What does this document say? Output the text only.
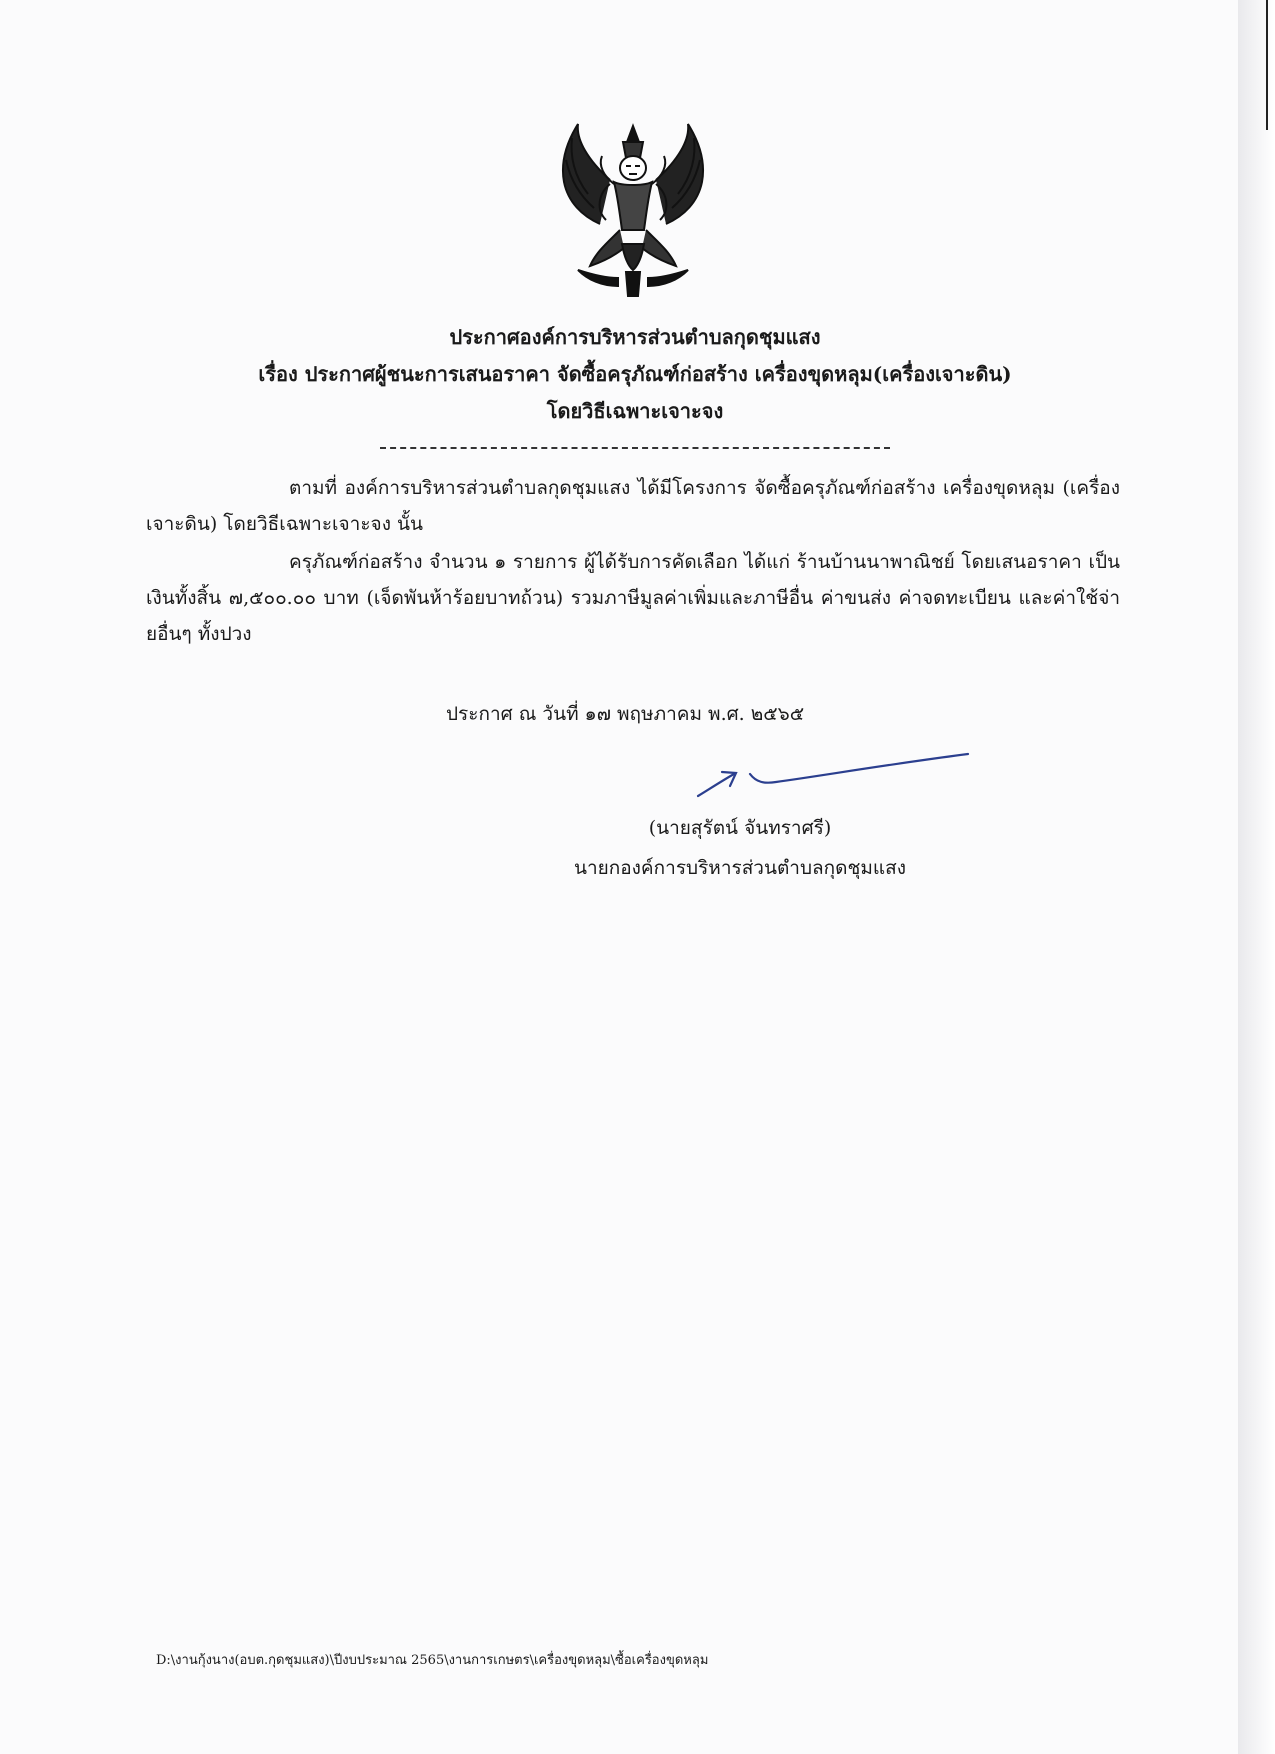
ประกาศองค์การบริหารส่วนตำบลกุดชุมแสง

เรื่อง ประกาศผู้ชนะการเสนอราคา จัดซื้อครุภัณฑ์ก่อสร้าง เครื่องขุดหลุม(เครื่องเจาะดิน)

โดยวิธีเฉพาะเจาะจง

ตามที่ องค์การบริหารส่วนตำบลกุดชุมแสง ได้มีโครงการ จัดซื้อครุภัณฑ์ก่อสร้าง เครื่องขุดหลุม (เครื่องเจาะดิน) โดยวิธีเฉพาะเจาะจง นั้น

ครุภัณฑ์ก่อสร้าง จำนวน ๑ รายการ ผู้ได้รับการคัดเลือก ได้แก่ ร้านบ้านนาพาณิชย์ โดยเสนอราคา เป็นเงินทั้งสิ้น ๗,๕๐๐.๐๐ บาท (เจ็ดพันห้าร้อยบาทถ้วน) รวมภาษีมูลค่าเพิ่มและภาษีอื่น ค่าขนส่ง ค่าจดทะเบียน และค่าใช้จ่ายอื่นๆ ทั้งปวง

ประกาศ ณ วันที่ ๑๗ พฤษภาคม พ.ศ. ๒๕๖๕

(นายสุรัตน์ จันทราศรี)

นายกองค์การบริหารส่วนตำบลกุดชุมแสง

D:\งานกุ้งนาง(อบต.กุดชุมแสง)\ปีงบประมาณ 2565\งานการเกษตร\เครื่องขุดหลุม\ซื้อเครื่องขุดหลุม
